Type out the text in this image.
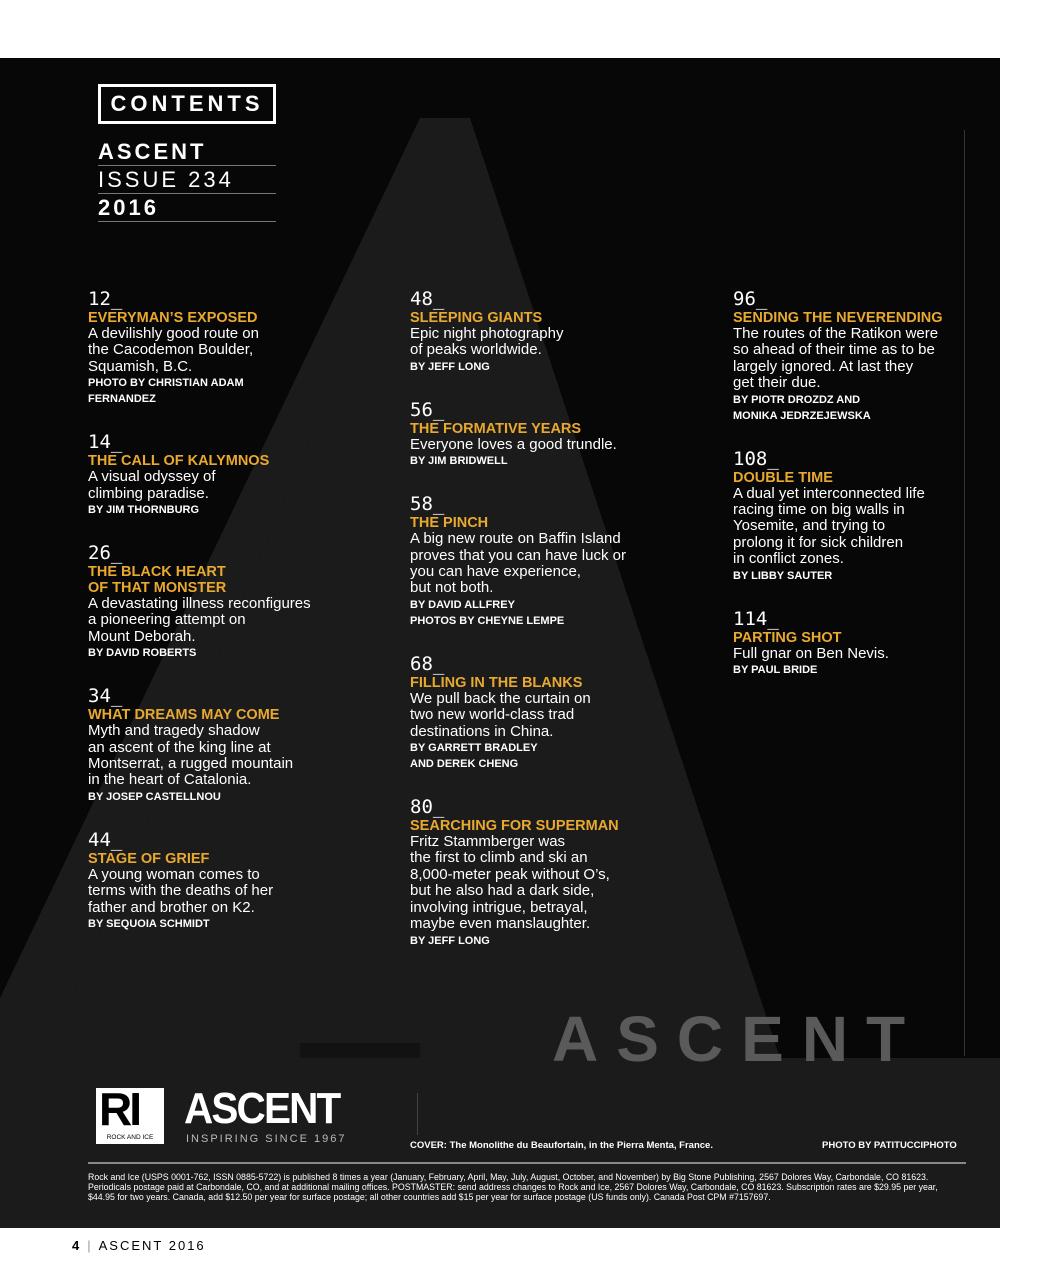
CONTENTS
ASCENT
ISSUE 234
2016
12_
EVERYMAN’S EXPOSED
A devilishly good route on
the Cacodemon Boulder,
Squamish, B.C.
PHOTO BY CHRISTIAN ADAM
FERNANDEZ
14_
THE CALL OF KALYMNOS
A visual odyssey of
climbing paradise.
BY JIM THORNBURG
26_
THE BLACK HEART
OF THAT MONSTER
A devastating illness reconfigures
a pioneering attempt on
Mount Deborah.
BY DAVID ROBERTS
34_
WHAT DREAMS MAY COME
Myth and tragedy shadow
an ascent of the king line at
Montserrat, a rugged mountain
in the heart of Catalonia.
BY JOSEP CASTELLNOU
44_
STAGE OF GRIEF
A young woman comes to
terms with the deaths of her
father and brother on K2.
BY SEQUOIA SCHMIDT
48_
SLEEPING GIANTS
Epic night photography
of peaks worldwide.
BY JEFF LONG
56_
THE FORMATIVE YEARS
Everyone loves a good trundle.
BY JIM BRIDWELL
58_
THE PINCH
A big new route on Baffin Island
proves that you can have luck or
you can have experience,
but not both.
BY DAVID ALLFREY
PHOTOS BY CHEYNE LEMPE
68_
FILLING IN THE BLANKS
We pull back the curtain on
two new world-class trad
destinations in China.
BY GARRETT BRADLEY
AND DEREK CHENG
80_
SEARCHING FOR SUPERMAN
Fritz Stammberger was
the first to climb and ski an
8,000-meter peak without O’s,
but he also had a dark side,
involving intrigue, betrayal,
maybe even manslaughter.
BY JEFF LONG
96_
SENDING THE NEVERENDING
The routes of the Ratikon were
so ahead of their time as to be
largely ignored. At last they
get their due.
BY PIOTR DROZDZ AND
MONIKA JEDRZEJEWSKA
108_
DOUBLE TIME
A dual yet interconnected life
racing time on big walls in
Yosemite, and trying to
prolong it for sick children
in conflict zones.
BY LIBBY SAUTER
114_
PARTING SHOT
Full gnar on Ben Nevis.
BY PAUL BRIDE
ASCENT
RI
ROCK AND ICE
ASCENT
INSPIRING SINCE 1967
COVER: The Monolithe du Beaufortain, in the Pierra Menta, France.	PHOTO BY PATITUCCIPHOTO
Rock and Ice (USPS 0001-762, ISSN 0885-5722) is published 8 times a year (January, February, April, May, July, August, October, and November) by Big Stone Publishing, 2567 Dolores Way, Carbondale, CO 81623. Periodicals postage paid at Carbondale, CO, and at additional mailing offices. POSTMASTER: send address changes to Rock and Ice, 2567 Dolores Way, Carbondale, CO 81623. Subscription rates are $29.95 per year, $44.95 for two years. Canada, add $12.50 per year for surface postage; all other countries add $15 per year for surface postage (US funds only). Canada Post CPM #7157697.
4 | ASCENT 2016
